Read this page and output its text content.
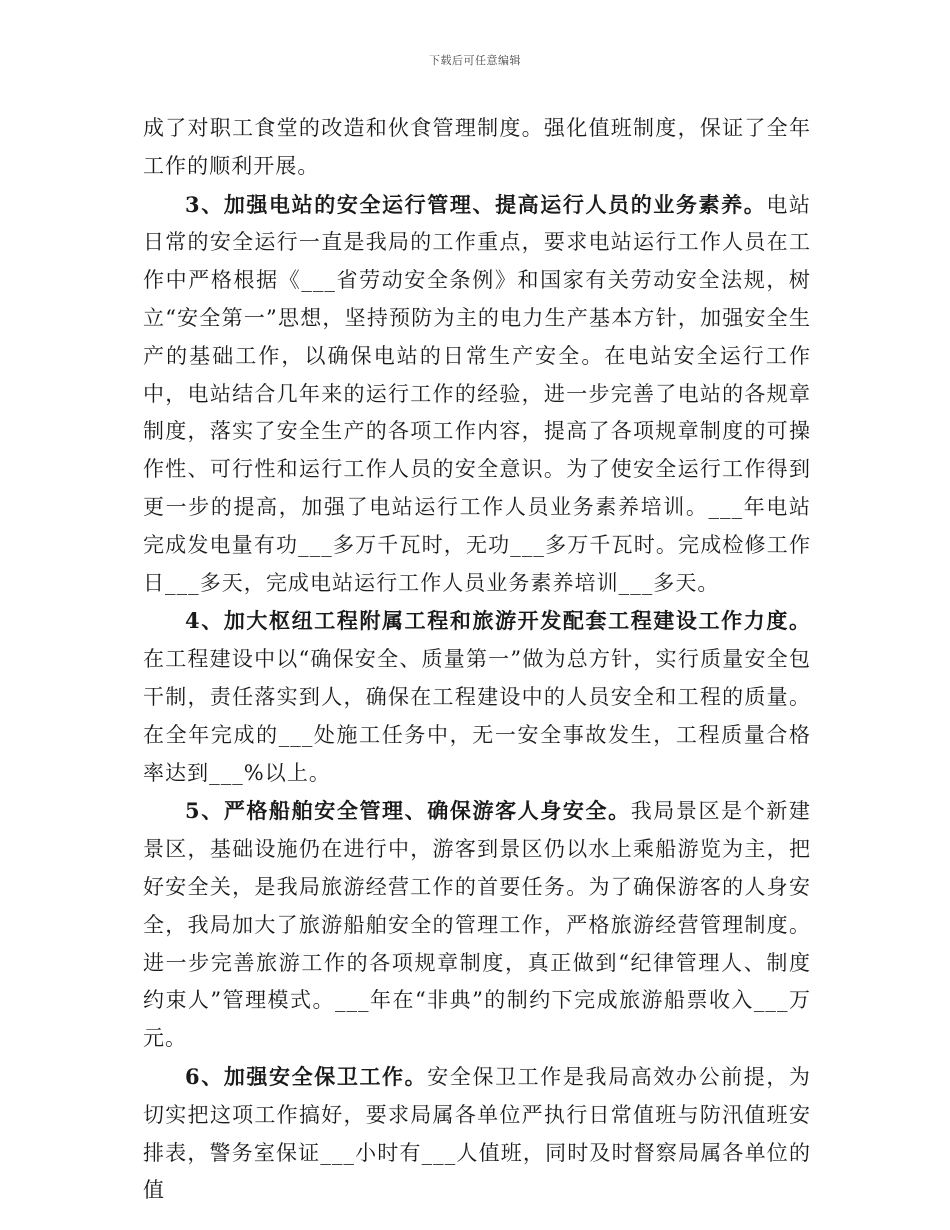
下载后可任意编辑

成了对职工食堂的改造和伙食管理制度。强化值班制度，保证了全年工作的顺利开展。

3、加强电站的安全运行管理、提高运行人员的业务素养。电站日常的安全运行一直是我局的工作重点，要求电站运行工作人员在工作中严格根据《___省劳动安全条例》和国家有关劳动安全法规，树立“安全第一”思想，坚持预防为主的电力生产基本方针，加强安全生产的基础工作，以确保电站的日常生产安全。在电站安全运行工作中，电站结合几年来的运行工作的经验，进一步完善了电站的各规章制度，落实了安全生产的各项工作内容，提高了各项规章制度的可操作性、可行性和运行工作人员的安全意识。为了使安全运行工作得到更一步的提高，加强了电站运行工作人员业务素养培训。___年电站完成发电量有功___多万千瓦时，无功___多万千瓦时。完成检修工作日___多天，完成电站运行工作人员业务素养培训___多天。

4、加大枢纽工程附属工程和旅游开发配套工程建设工作力度。在工程建设中以“确保安全、质量第一”做为总方针，实行质量安全包干制，责任落实到人，确保在工程建设中的人员安全和工程的质量。在全年完成的___处施工任务中，无一安全事故发生，工程质量合格率达到___%以上。

5、严格船舶安全管理、确保游客人身安全。我局景区是个新建景区，基础设施仍在进行中，游客到景区仍以水上乘船游览为主，把好安全关，是我局旅游经营工作的首要任务。为了确保游客的人身安全，我局加大了旅游船舶安全的管理工作，严格旅游经营管理制度。进一步完善旅游工作的各项规章制度，真正做到“纪律管理人、制度约束人”管理模式。___年在“非典”的制约下完成旅游船票收入___万元。

6、加强安全保卫工作。安全保卫工作是我局高效办公前提，为切实把这项工作搞好，要求局属各单位严执行日常值班与防汛值班安排表，警务室保证___小时有___人值班，同时及时督察局属各单位的值
